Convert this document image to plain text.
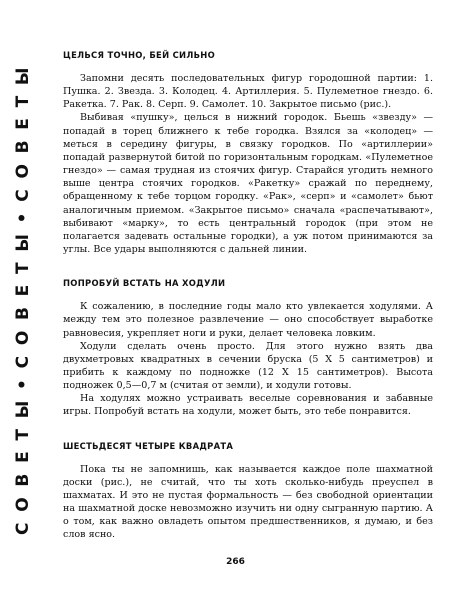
С О В Е Т Ы • С О В Е Т Ы • С О В Е Т Ы
ЦЕЛЬСЯ ТОЧНО, БЕЙ СИЛЬНО

Запомни десять последовательных фигур городошной партии: 1. Пушка. 2. Звезда. 3. Колодец. 4. Артиллерия. 5. Пулеметное гнездо. 6. Ракетка. 7. Рак. 8. Серп. 9. Самолет. 10. Закрытое письмо (рис.).

Выбивая «пушку», целься в нижний городок. Бьешь «звезду» — попадай в торец ближнего к тебе городка. Взялся за «колодец» — меться в середину фигуры, в связку городков. По «артиллерии» попадай развернутой битой по горизонтальным городкам. «Пулеметное гнездо» — самая трудная из стоячих фигур. Старайся угодить немного выше центра стоячих городков. «Ракетку» сражай по переднему, обращенному к тебе торцом городку. «Рак», «серп» и «самолет» бьют аналогичным приемом. «Закрытое письмо» сначала «распечатывают», выбивают «марку», то есть центральный городок (при этом не полагается задевать остальные городки), а уж потом принимаются за углы. Все удары выполняются с дальней линии.

ПОПРОБУЙ ВСТАТЬ НА ХОДУЛИ

К сожалению, в последние годы мало кто увлекается ходулями. А между тем это полезное развлечение — оно способствует выработке равновесия, укрепляет ноги и руки, делает человека ловким.

Ходули сделать очень просто. Для этого нужно взять два двухметровых квадратных в сечении бруска (5 X 5 сантиметров) и прибить к каждому по подножке (12 X 15 сантиметров). Высота подножек 0,5—0,7 м (считая от земли), и ходули готовы.

На ходулях можно устраивать веселые соревнования и забавные игры. Попробуй встать на ходули, может быть, это тебе понравится.

ШЕСТЬДЕСЯТ ЧЕТЫРЕ КВАДРАТА

Пока ты не запомнишь, как называется каждое поле шахматной доски (рис.), не считай, что ты хоть сколько-нибудь преуспел в шахматах. И это не пустая формальность — без свободной ориентации на шахматной доске невозможно изучить ни одну сыгранную партию. А о том, как важно овладеть опытом предшественников, я думаю, и без слов ясно.

266
